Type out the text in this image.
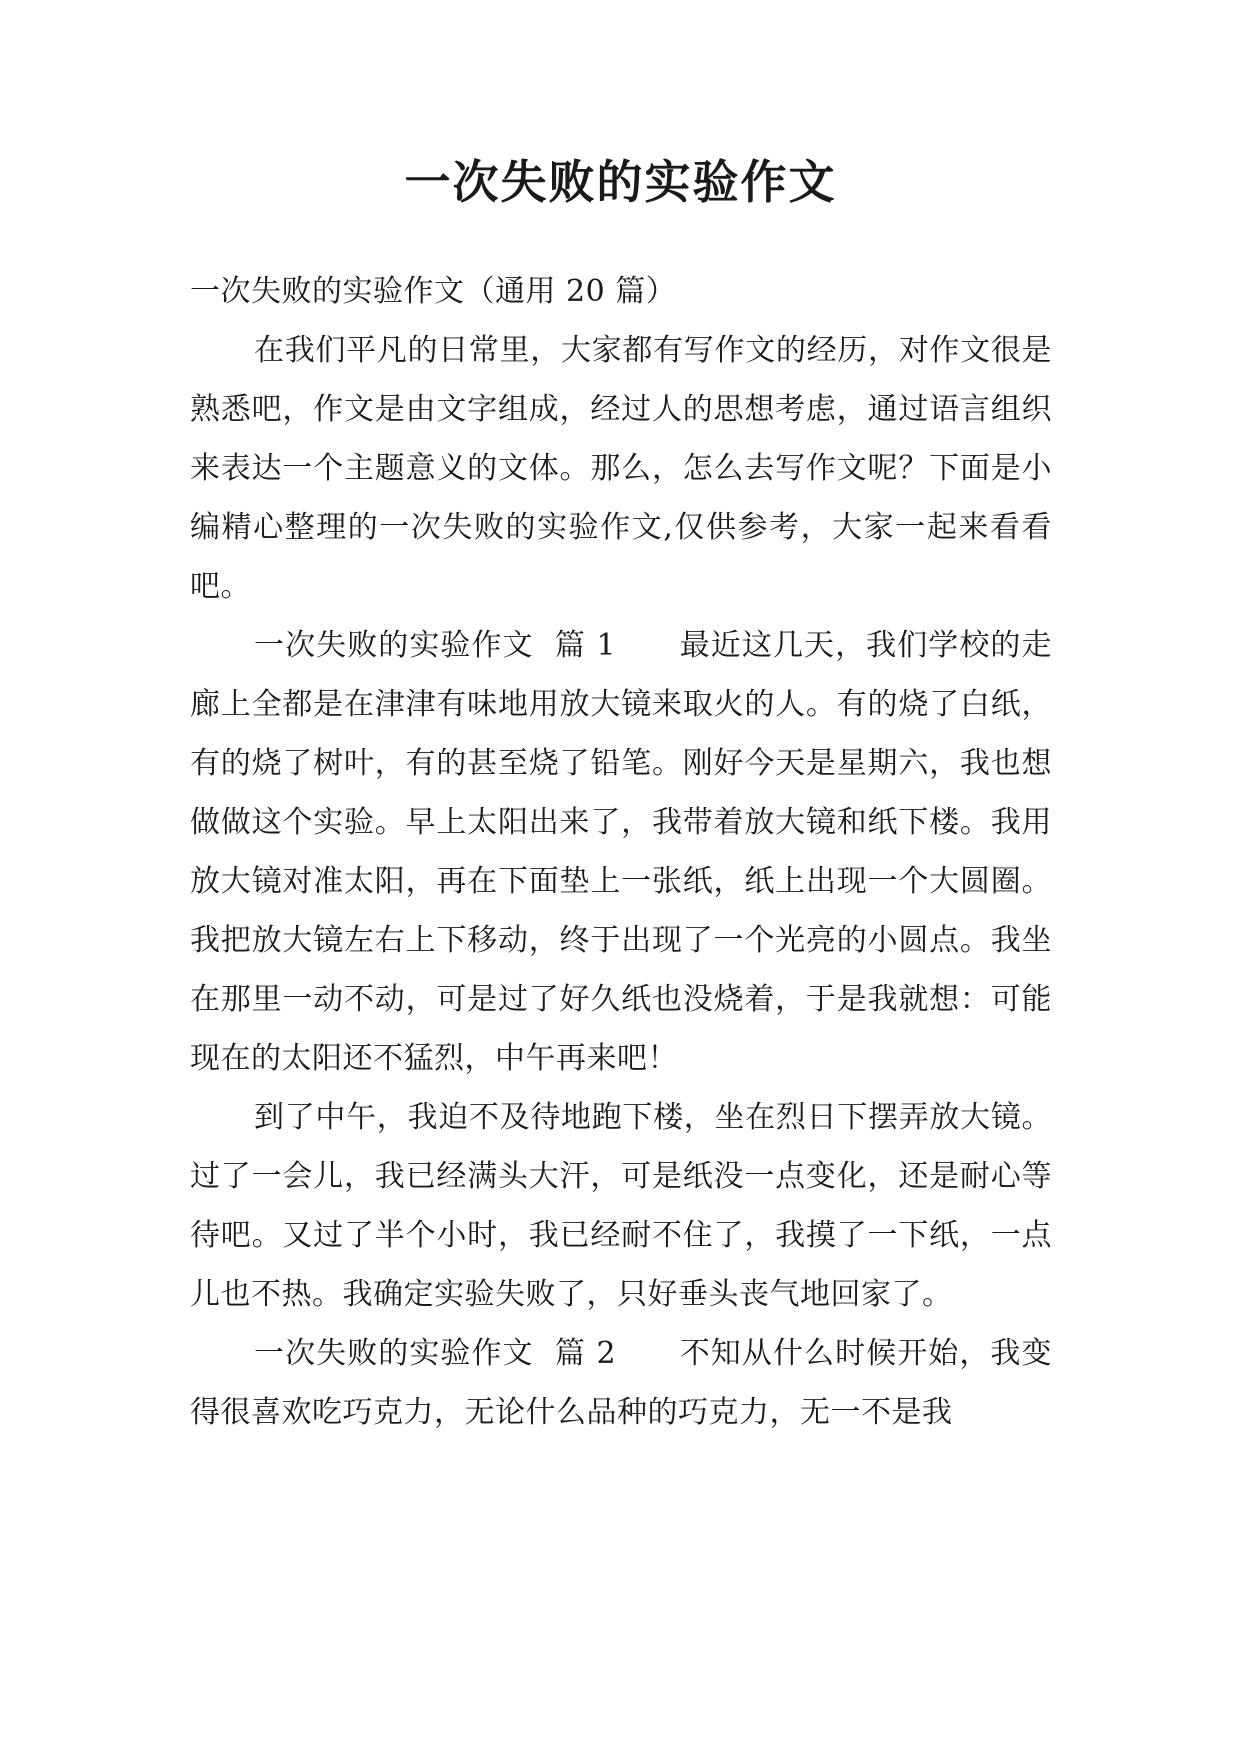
一次失败的实验作文

一次失败的实验作文（通用 20 篇）

在我们平凡的日常里，大家都有写作文的经历，对作文很是熟悉吧，作文是由文字组成，经过人的思想考虑，通过语言组织来表达一个主题意义的文体。那么，怎么去写作文呢？下面是小编精心整理的一次失败的实验作文,仅供参考，大家一起来看看吧。

一次失败的实验作文  篇 1      最近这几天，我们学校的走廊上全都是在津津有味地用放大镜来取火的人。有的烧了白纸，有的烧了树叶，有的甚至烧了铅笔。刚好今天是星期六，我也想做做这个实验。早上太阳出来了，我带着放大镜和纸下楼。我用放大镜对准太阳，再在下面垫上一张纸，纸上出现一个大圆圈。我把放大镜左右上下移动，终于出现了一个光亮的小圆点。我坐在那里一动不动，可是过了好久纸也没烧着，于是我就想：可能现在的太阳还不猛烈，中午再来吧！

到了中午，我迫不及待地跑下楼，坐在烈日下摆弄放大镜。过了一会儿，我已经满头大汗，可是纸没一点变化，还是耐心等待吧。又过了半个小时，我已经耐不住了，我摸了一下纸，一点儿也不热。我确定实验失败了，只好垂头丧气地回家了。

一次失败的实验作文  篇 2      不知从什么时候开始，我变得很喜欢吃巧克力，无论什么品种的巧克力，无一不是我
